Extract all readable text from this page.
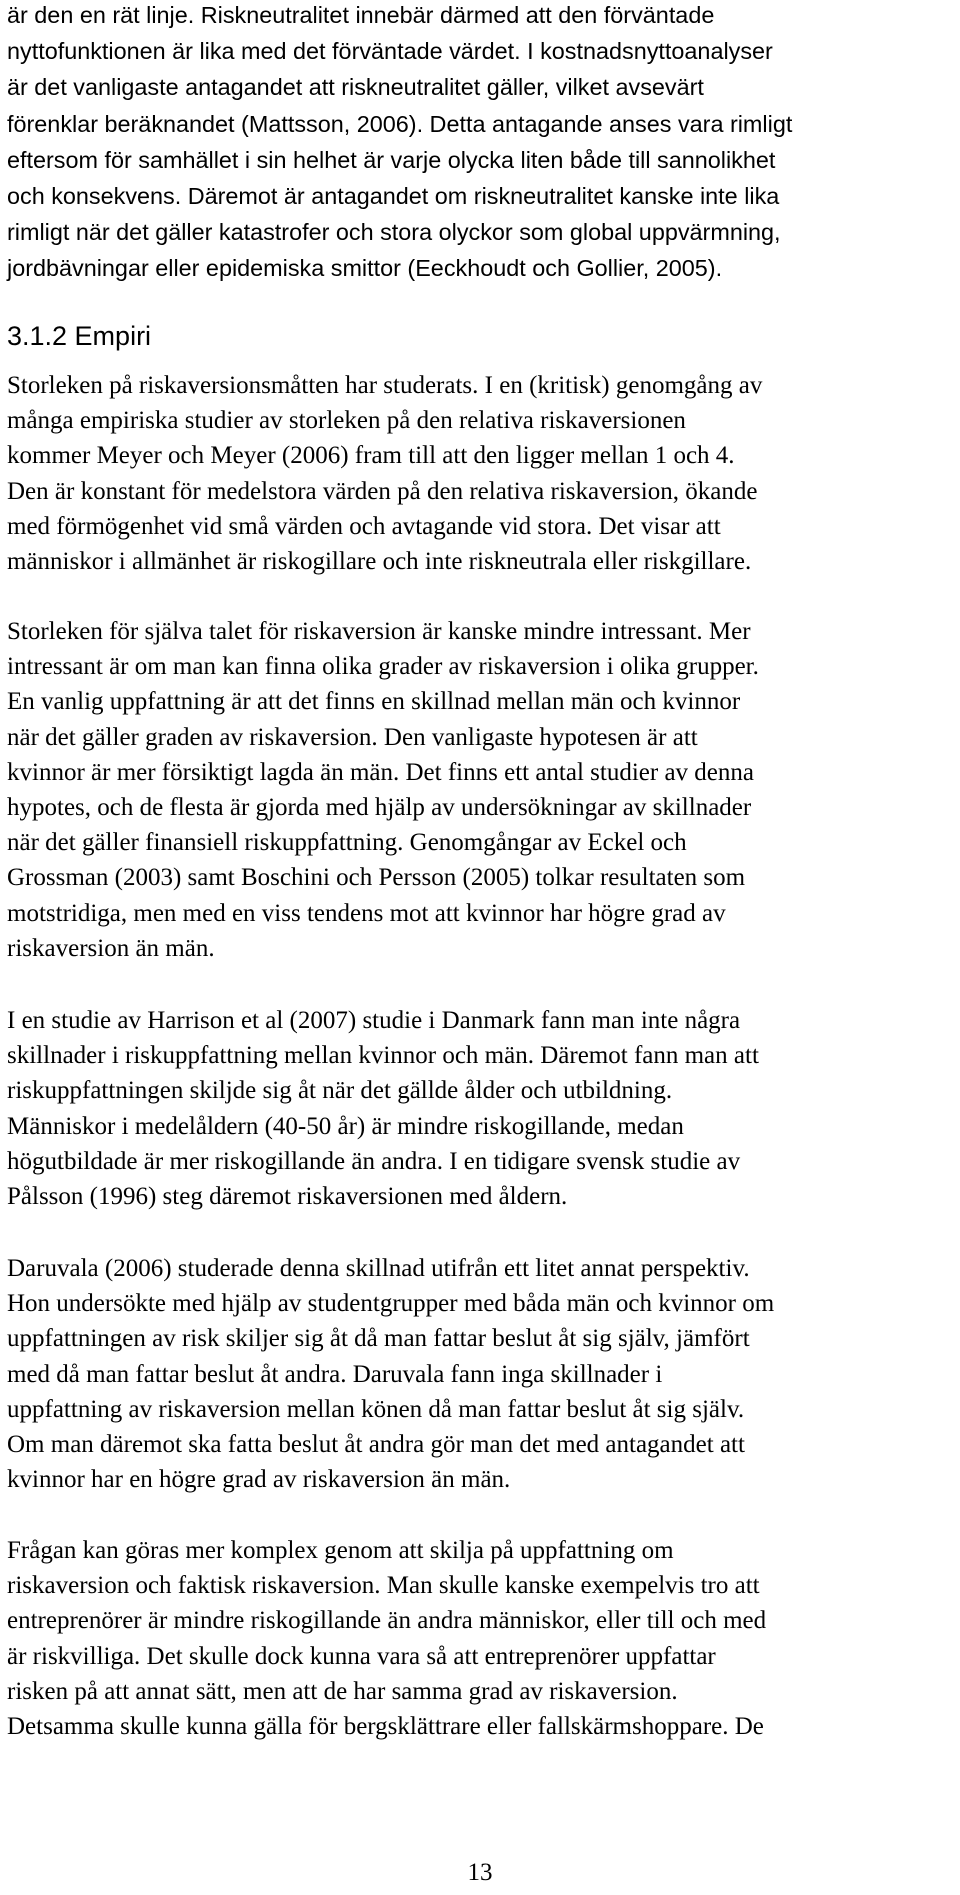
är den en rät linje. Riskneutralitet innebär därmed att den förväntade
nyttofunktionen är lika med det förväntade värdet. I kostnadsnyttoanalyser
är det vanligaste antagandet att riskneutralitet gäller, vilket avsevärt
förenklar beräknandet (Mattsson, 2006). Detta antagande anses vara rimligt
eftersom för samhället i sin helhet är varje olycka liten både till sannolikhet
och konsekvens. Däremot är antagandet om riskneutralitet kanske inte lika
rimligt när det gäller katastrofer och stora olyckor som global uppvärmning,
jordbävningar eller epidemiska smittor (Eeckhoudt och Gollier, 2005).

3.1.2 Empiri

Storleken på riskaversionsmåtten har studerats. I en (kritisk) genomgång av
många empiriska studier av storleken på den relativa riskaversionen
kommer Meyer och Meyer (2006) fram till att den ligger mellan 1 och 4.
Den är konstant för medelstora värden på den relativa riskaversion, ökande
med förmögenhet vid små värden och avtagande vid stora. Det visar att
människor i allmänhet är riskogillare och inte riskneutrala eller riskgillare.

Storleken för själva talet för riskaversion är kanske mindre intressant. Mer
intressant är om man kan finna olika grader av riskaversion i olika grupper.
En vanlig uppfattning är att det finns en skillnad mellan män och kvinnor
när det gäller graden av riskaversion. Den vanligaste hypotesen är att
kvinnor är mer försiktigt lagda än män. Det finns ett antal studier av denna
hypotes, och de flesta är gjorda med hjälp av undersökningar av skillnader
när det gäller finansiell riskuppfattning. Genomgångar av Eckel och
Grossman (2003) samt Boschini och Persson (2005) tolkar resultaten som
motstridiga, men med en viss tendens mot att kvinnor har högre grad av
riskaversion än män.

I en studie av Harrison et al (2007) studie i Danmark fann man inte några
skillnader i riskuppfattning mellan kvinnor och män. Däremot fann man att
riskuppfattningen skiljde sig åt när det gällde ålder och utbildning.
Människor i medelåldern (40-50 år) är mindre riskogillande, medan
högutbildade är mer riskogillande än andra. I en tidigare svensk studie av
Pålsson (1996) steg däremot riskaversionen med åldern.

Daruvala (2006) studerade denna skillnad utifrån ett litet annat perspektiv.
Hon undersökte med hjälp av studentgrupper med båda män och kvinnor om
uppfattningen av risk skiljer sig åt då man fattar beslut åt sig själv, jämfört
med då man fattar beslut åt andra. Daruvala fann inga skillnader i
uppfattning av riskaversion mellan könen då man fattar beslut åt sig själv.
Om man däremot ska fatta beslut åt andra gör man det med antagandet att
kvinnor har en högre grad av riskaversion än män.

Frågan kan göras mer komplex genom att skilja på uppfattning om
riskaversion och faktisk riskaversion. Man skulle kanske exempelvis tro att
entreprenörer är mindre riskogillande än andra människor, eller till och med
är riskvilliga. Det skulle dock kunna vara så att entreprenörer uppfattar
risken på att annat sätt, men att de har samma grad av riskaversion.
Detsamma skulle kunna gälla för bergsklättrare eller fallskärmshoppare. De

13
